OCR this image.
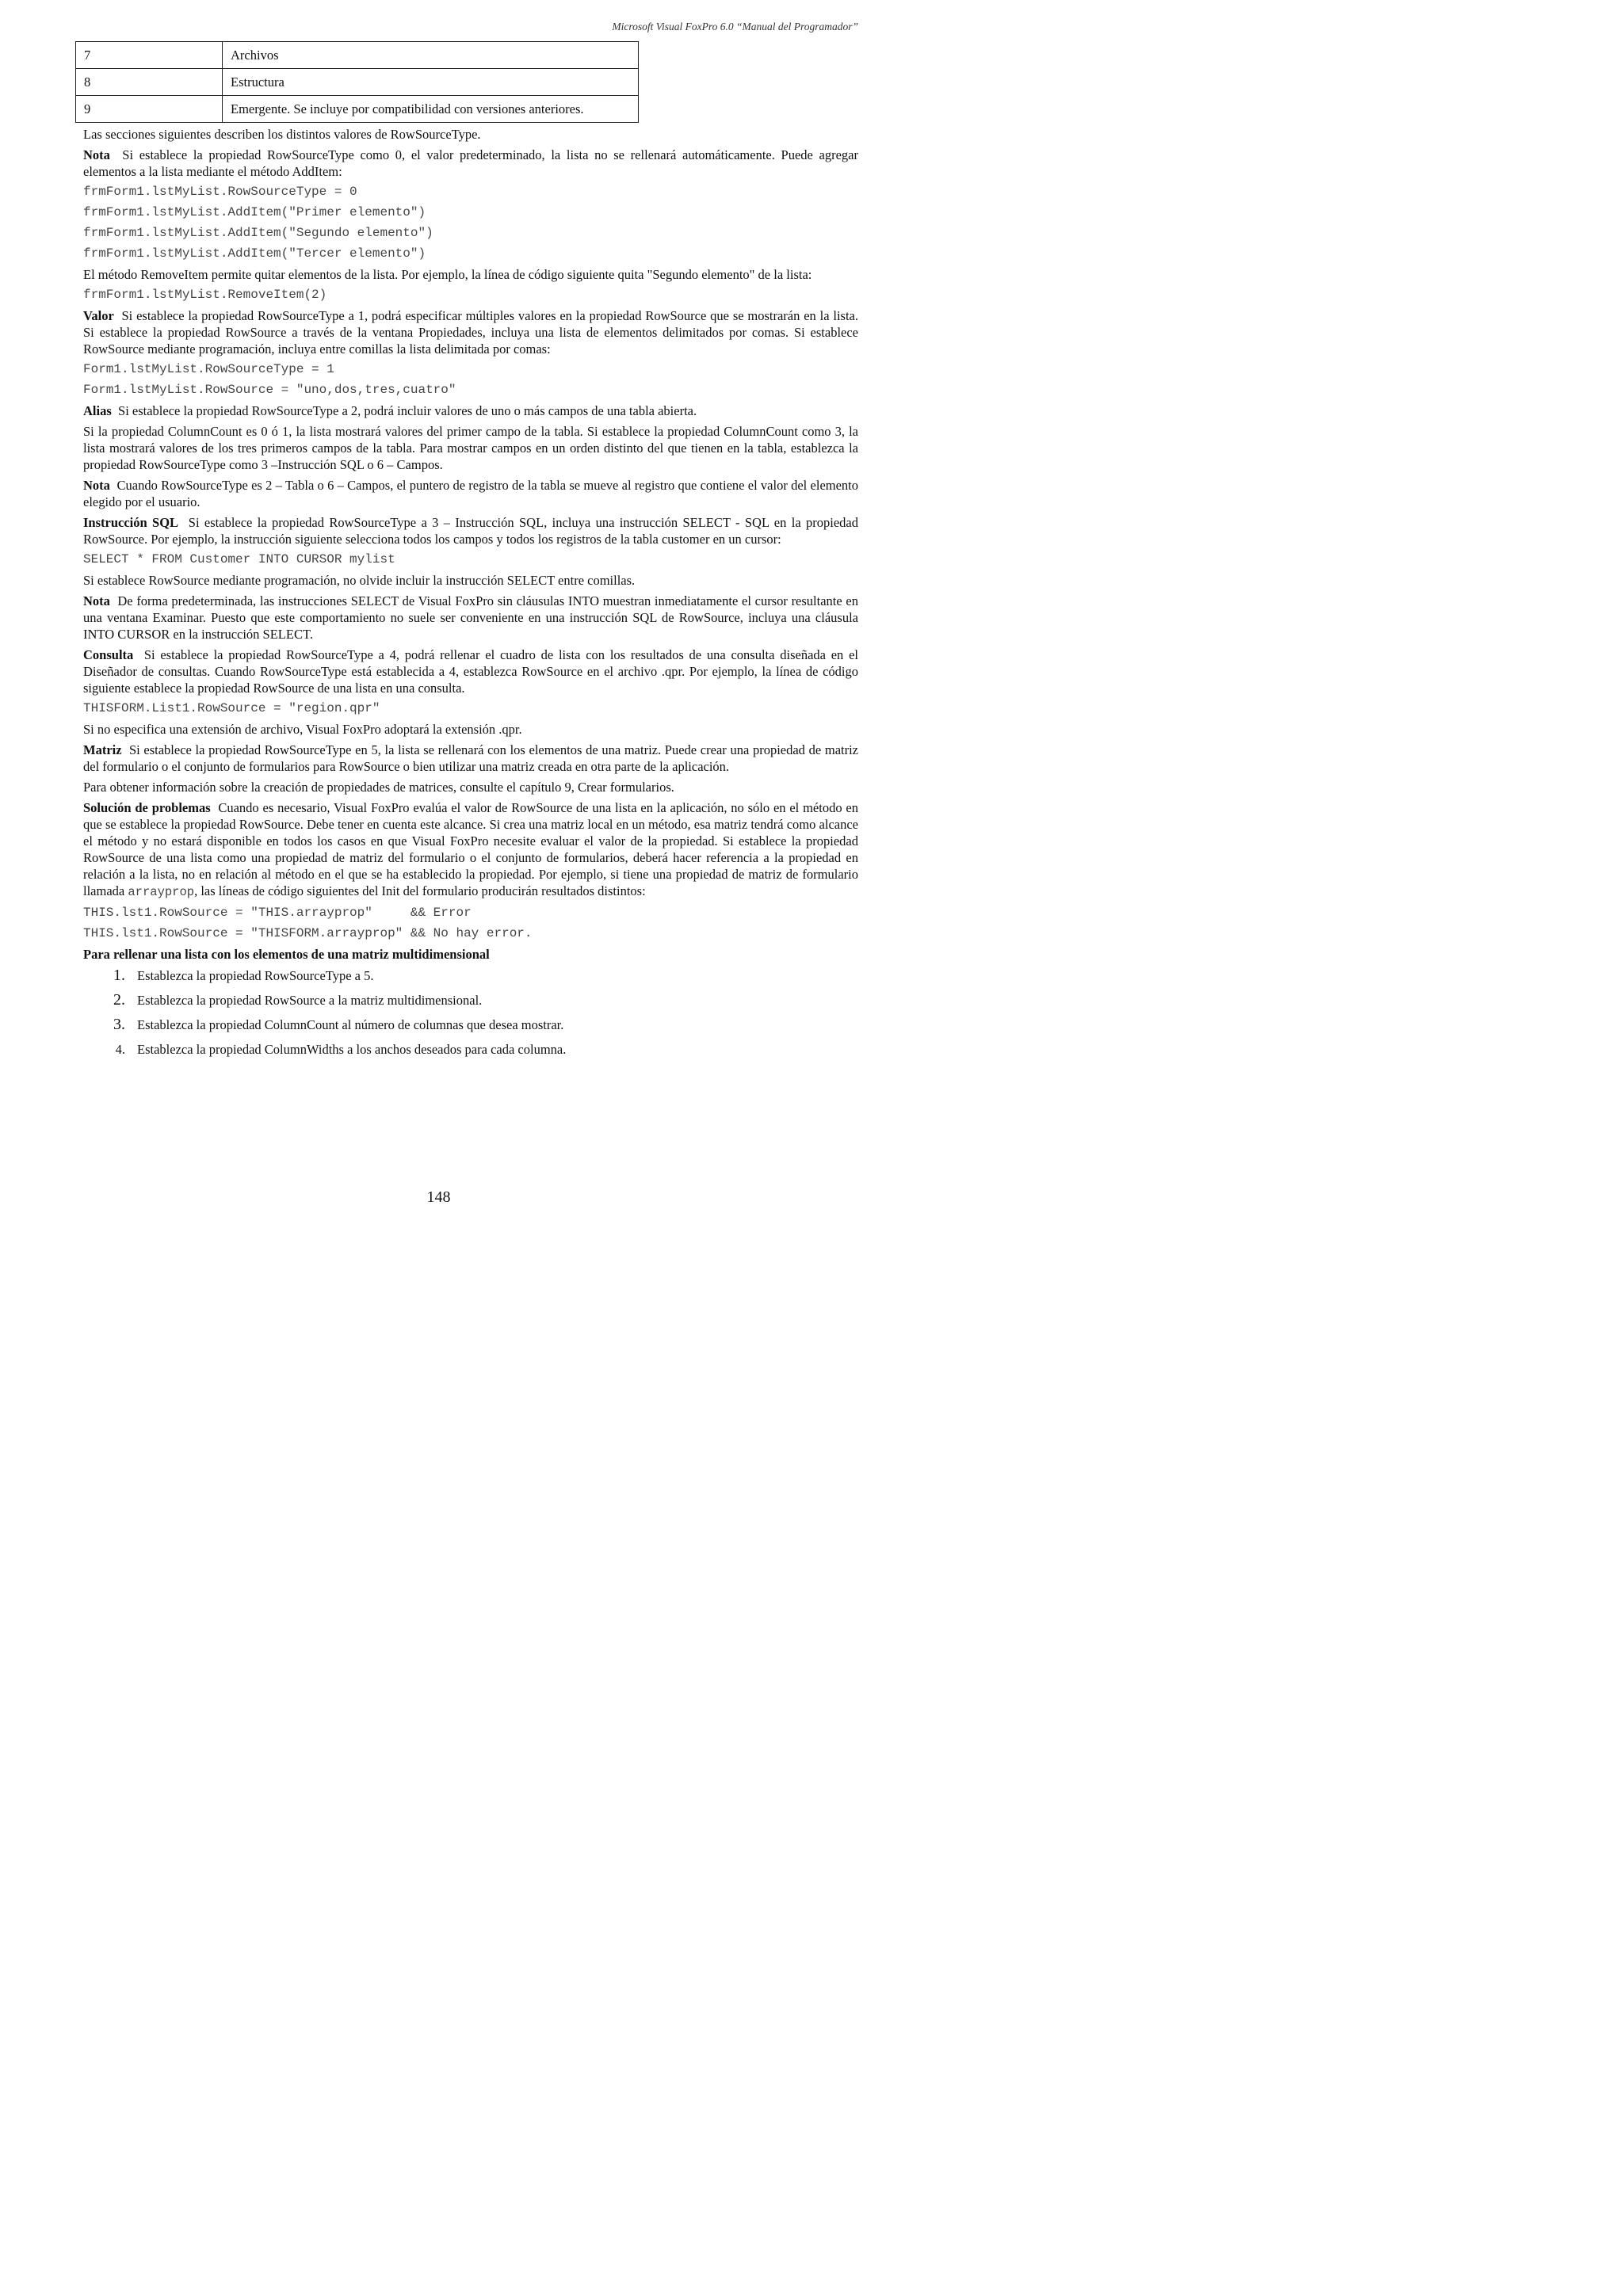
Microsoft Visual FoxPro 6.0 “Manual del Programador”
7	Archivos
8	Estructura
9	Emergente. Se incluye por compatibilidad con versiones anteriores.

Las secciones siguientes describen los distintos valores de RowSourceType.

Nota Si establece la propiedad RowSourceType como 0, el valor predeterminado, la lista no se rellenará automáticamente. Puede agregar elementos a la lista mediante el método AddItem:

frmForm1.lstMyList.RowSourceType = 0
frmForm1.lstMyList.AddItem("Primer elemento")
frmForm1.lstMyList.AddItem("Segundo elemento")
frmForm1.lstMyList.AddItem("Tercer elemento")

El método RemoveItem permite quitar elementos de la lista. Por ejemplo, la línea de código siguiente quita "Segundo elemento" de la lista:

frmForm1.lstMyList.RemoveItem(2)

Valor Si establece la propiedad RowSourceType a 1, podrá especificar múltiples valores en la propiedad RowSource que se mostrarán en la lista. Si establece la propiedad RowSource a través de la ventana Propiedades, incluya una lista de elementos delimitados por comas. Si establece RowSource mediante programación, incluya entre comillas la lista delimitada por comas:

Form1.lstMyList.RowSourceType = 1
Form1.lstMyList.RowSource = "uno,dos,tres,cuatro"

Alias Si establece la propiedad RowSourceType a 2, podrá incluir valores de uno o más campos de una tabla abierta.

Si la propiedad ColumnCount es 0 ó 1, la lista mostrará valores del primer campo de la tabla. Si establece la propiedad ColumnCount como 3, la lista mostrará valores de los tres primeros campos de la tabla. Para mostrar campos en un orden distinto del que tienen en la tabla, establezca la propiedad RowSourceType como 3 –Instrucción SQL o 6 – Campos.

Nota Cuando RowSourceType es 2 – Tabla o 6 – Campos, el puntero de registro de la tabla se mueve al registro que contiene el valor del elemento elegido por el usuario.

Instrucción SQL Si establece la propiedad RowSourceType a 3 – Instrucción SQL, incluya una instrucción SELECT - SQL en la propiedad RowSource. Por ejemplo, la instrucción siguiente selecciona todos los campos y todos los registros de la tabla customer en un cursor:

SELECT * FROM Customer INTO CURSOR mylist

Si establece RowSource mediante programación, no olvide incluir la instrucción SELECT entre comillas.

Nota De forma predeterminada, las instrucciones SELECT de Visual FoxPro sin cláusulas INTO muestran inmediatamente el cursor resultante en una ventana Examinar. Puesto que este comportamiento no suele ser conveniente en una instrucción SQL de RowSource, incluya una cláusula INTO CURSOR en la instrucción SELECT.

Consulta Si establece la propiedad RowSourceType a 4, podrá rellenar el cuadro de lista con los resultados de una consulta diseñada en el Diseñador de consultas. Cuando RowSourceType está establecida a 4, establezca RowSource en el archivo .qpr. Por ejemplo, la línea de código siguiente establece la propiedad RowSource de una lista en una consulta.

THISFORM.List1.RowSource = "region.qpr"

Si no especifica una extensión de archivo, Visual FoxPro adoptará la extensión .qpr.

Matriz Si establece la propiedad RowSourceType en 5, la lista se rellenará con los elementos de una matriz. Puede crear una propiedad de matriz del formulario o el conjunto de formularios para RowSource o bien utilizar una matriz creada en otra parte de la aplicación.

Para obtener información sobre la creación de propiedades de matrices, consulte el capítulo 9, Crear formularios.

Solución de problemas Cuando es necesario, Visual FoxPro evalúa el valor de RowSource de una lista en la aplicación, no sólo en el método en que se establece la propiedad RowSource. Debe tener en cuenta este alcance. Si crea una matriz local en un método, esa matriz tendrá como alcance el método y no estará disponible en todos los casos en que Visual FoxPro necesite evaluar el valor de la propiedad. Si establece la propiedad RowSource de una lista como una propiedad de matriz del formulario o el conjunto de formularios, deberá hacer referencia a la propiedad en relación a la lista, no en relación al método en el que se ha establecido la propiedad. Por ejemplo, si tiene una propiedad de matriz de formulario llamada arrayprop, las líneas de código siguientes del Init del formulario producirán resultados distintos:

THIS.lst1.RowSource = "THIS.arrayprop"     && Error
THIS.lst1.RowSource = "THISFORM.arrayprop" && No hay error.
Para rellenar una lista con los elementos de una matriz multidimensional
1. Establezca la propiedad RowSourceType a 5.
2. Establezca la propiedad RowSource a la matriz multidimensional.
3. Establezca la propiedad ColumnCount al número de columnas que desea mostrar.
4. Establezca la propiedad ColumnWidths a los anchos deseados para cada columna.
148
